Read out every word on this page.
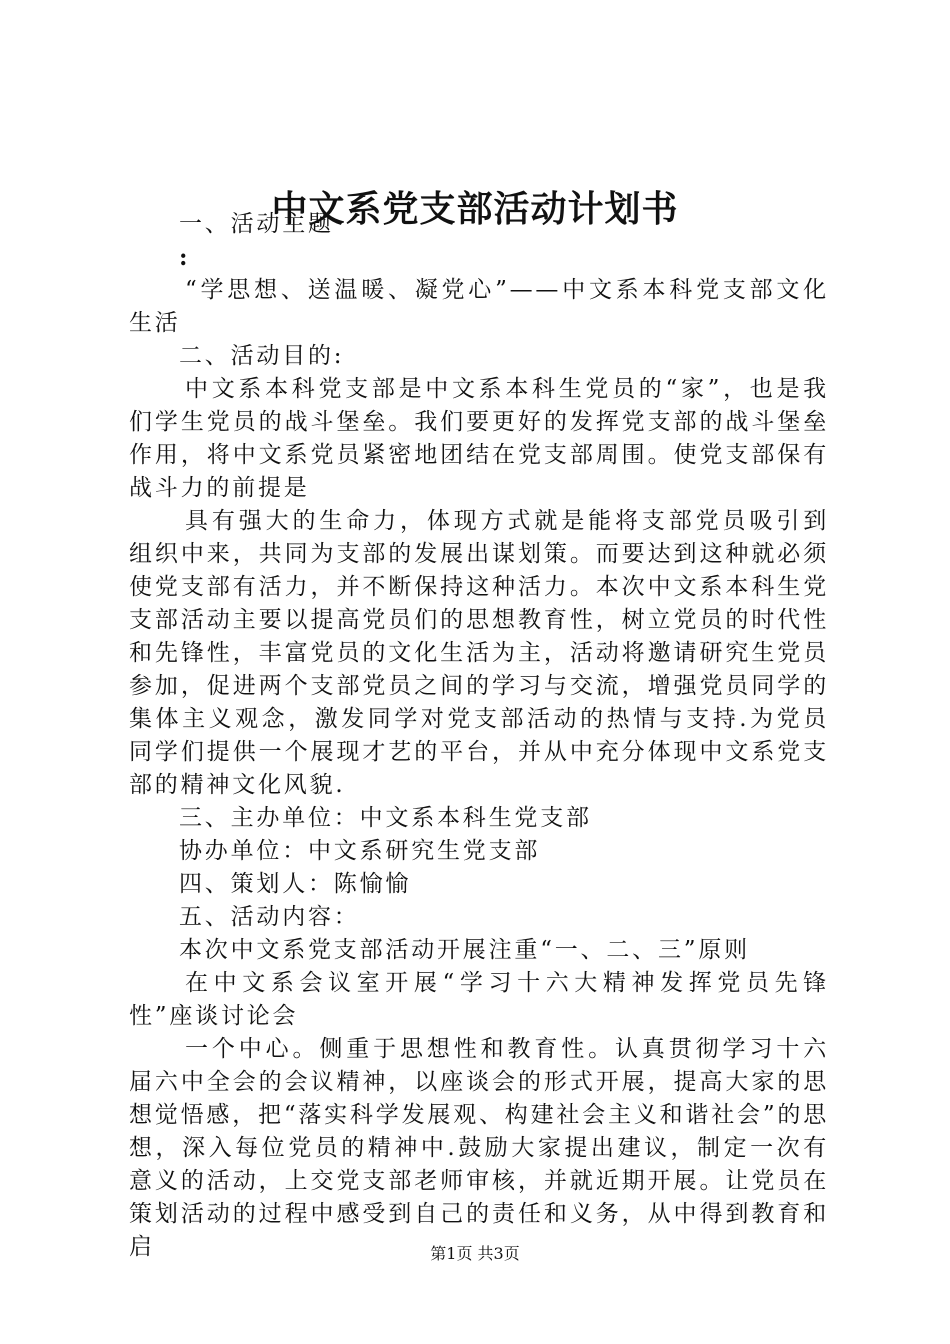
中文系党支部活动计划书

一、活动主题

:

“学思想、送温暖、凝党心”——中文系本科党支部文化生活

二、活动目的:

中文系本科党支部是中文系本科生党员的“家”，也是我们学生党员的战斗堡垒。我们要更好的发挥党支部的战斗堡垒作用，将中文系党员紧密地团结在党支部周围。使党支部保有战斗力的前提是

具有强大的生命力，体现方式就是能将支部党员吸引到组织中来，共同为支部的发展出谋划策。而要达到这种就必须使党支部有活力，并不断保持这种活力。本次中文系本科生党支部活动主要以提高党员们的思想教育性，树立党员的时代性和先锋性，丰富党员的文化生活为主，活动将邀请研究生党员参加，促进两个支部党员之间的学习与交流，增强党员同学的集体主义观念，激发同学对党支部活动的热情与支持.为党员同学们提供一个展现才艺的平台，并从中充分体现中文系党支部的精神文化风貌.

三、主办单位：中文系本科生党支部

协办单位：中文系研究生党支部

四、策划人：陈愉愉

五、活动内容：

本次中文系党支部活动开展注重“一、二、三”原则

在中文系会议室开展“学习十六大精神发挥党员先锋性”座谈讨论会

一个中心。侧重于思想性和教育性。认真贯彻学习十六届六中全会的会议精神，以座谈会的形式开展，提高大家的思想觉悟感，把“落实科学发展观、构建社会主义和谐社会”的思想，深入每位党员的精神中.鼓励大家提出建议，制定一次有意义的活动，上交党支部老师审核，并就近期开展。让党员在策划活动的过程中感受到自己的责任和义务，从中得到教育和启	第1页 共3页
